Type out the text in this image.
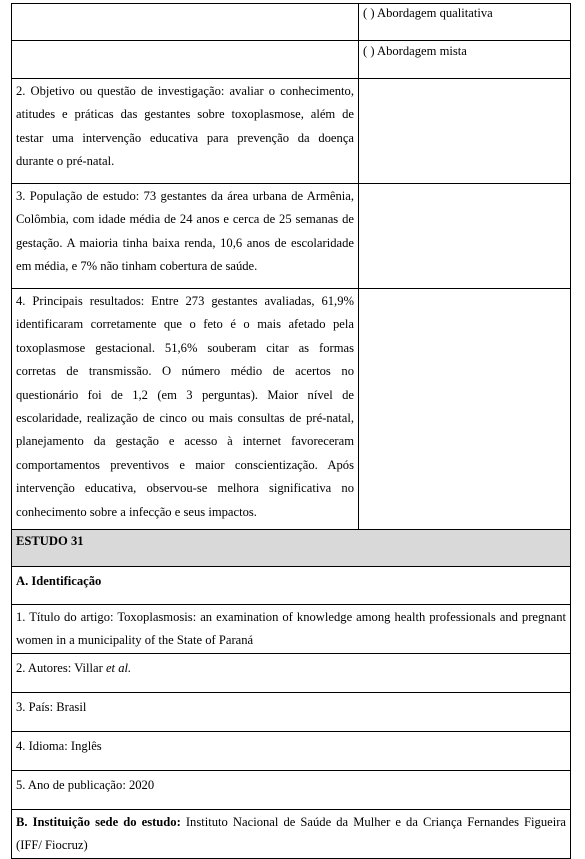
	( ) Abordagem qualitativa
	( ) Abordagem mista
2. Objetivo ou questão de investigação: avaliar o conhecimento, atitudes e práticas das gestantes sobre toxoplasmose, além de testar uma intervenção educativa para prevenção da doença durante o pré-natal.	
3. População de estudo: 73 gestantes da área urbana de Armênia, Colômbia, com idade média de 24 anos e cerca de 25 semanas de gestação. A maioria tinha baixa renda, 10,6 anos de escolaridade em média, e 7% não tinham cobertura de saúde.	
4. Principais resultados: Entre 273 gestantes avaliadas, 61,9% identificaram corretamente que o feto é o mais afetado pela toxoplasmose gestacional. 51,6% souberam citar as formas corretas de transmissão. O número médio de acertos no questionário foi de 1,2 (em 3 perguntas). Maior nível de escolaridade, realização de cinco ou mais consultas de pré-natal, planejamento da gestação e acesso à internet favoreceram comportamentos preventivos e maior conscientização. Após intervenção educativa, observou-se melhora significativa no conhecimento sobre a infecção e seus impactos.	
ESTUDO 31	
A. Identificação	
1. Título do artigo: Toxoplasmosis: an examination of knowledge among health professionals and pregnant women in a municipality of the State of Paraná	
2. Autores: Villar et al.	
3. País: Brasil	
4. Idioma: Inglês	
5. Ano de publicação: 2020	
B. Instituição sede do estudo: Instituto Nacional de Saúde da Mulher e da Criança Fernandes Figueira (IFF/ Fiocruz)	
